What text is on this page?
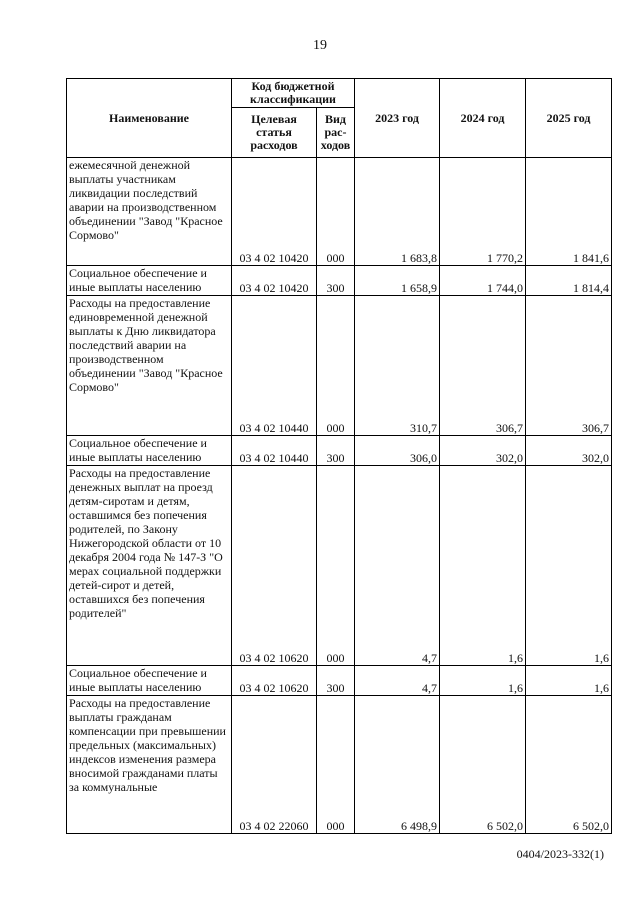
19
Наименование	Код бюджетной классификации		2023 год	2024 год	2025 год
	Целевая статья расходов	Вид рас-ходов			
ежемесячной денежной выплаты участникам ликвидации последствий аварии на производственном объединении "Завод "Красное Сормово"	03 4 02 10420	000	1 683,8	1 770,2	1 841,6
Социальное обеспечение и иные выплаты населению	03 4 02 10420	300	1 658,9	1 744,0	1 814,4
Расходы на предоставление единовременной денежной выплаты к Дню ликвидатора последствий аварии на производственном объединении "Завод "Красное Сормово"	03 4 02 10440	000	310,7	306,7	306,7
Социальное обеспечение и иные выплаты населению	03 4 02 10440	300	306,0	302,0	302,0
Расходы на предоставление денежных выплат на проезд детям-сиротам и детям, оставшимся без попечения родителей, по Закону Нижегородской области от 10 декабря 2004 года № 147-З "О мерах социальной поддержки детей-сирот и детей, оставшихся без попечения родителей"	03 4 02 10620	000	4,7	1,6	1,6
Социальное обеспечение и иные выплаты населению	03 4 02 10620	300	4,7	1,6	1,6
Расходы на предоставление выплаты гражданам компенсации при превышении предельных (максимальных) индексов изменения размера вносимой гражданами платы за коммунальные	03 4 02 22060	000	6 498,9	6 502,0	6 502,0
0404/2023-332(1)
